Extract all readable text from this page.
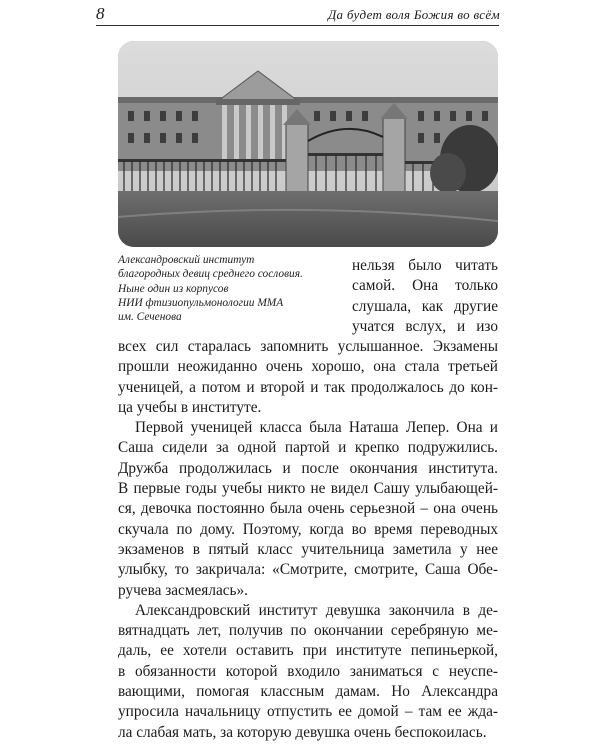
8	Да будет воля Божия во всём
Александровский институт
благородных девиц среднего сословия.
Ныне один из корпусов
НИИ фтизиопульмонологии ММА
им. Сеченова
нельзя было читать
самой. Она только
слушала, как другие
учатся вслух, и изо
всех сил старалась запомнить услышанное. Экзамены
прошли неожиданно очень хорошо, она стала третьей
ученицей, а потом и второй и так продолжалось до кон-
ца учебы в институте.
Первой ученицей класса была Наташа Лепер. Она и
Саша сидели за одной партой и крепко подружились.
Дружба продолжилась и после окончания института.
В первые годы учебы никто не видел Сашу улыбающей-
ся, девочка постоянно была очень серьезной – она очень
скучала по дому. Поэтому, когда во время переводных
экзаменов в пятый класс учительница заметила у нее
улыбку, то закричала: «Смотрите, смотрите, Саша Обе-
ручева засмеялась».
Александровский институт девушка закончила в де-
вятнадцать лет, получив по окончании серебряную ме-
даль, ее хотели оставить при институте пепиньеркой,
в обязанности которой входило заниматься с неуспе-
вающими, помогая классным дамам. Но Александра
упросила начальницу отпустить ее домой – там ее жда-
ла слабая мать, за которую девушка очень беспокоилась.
